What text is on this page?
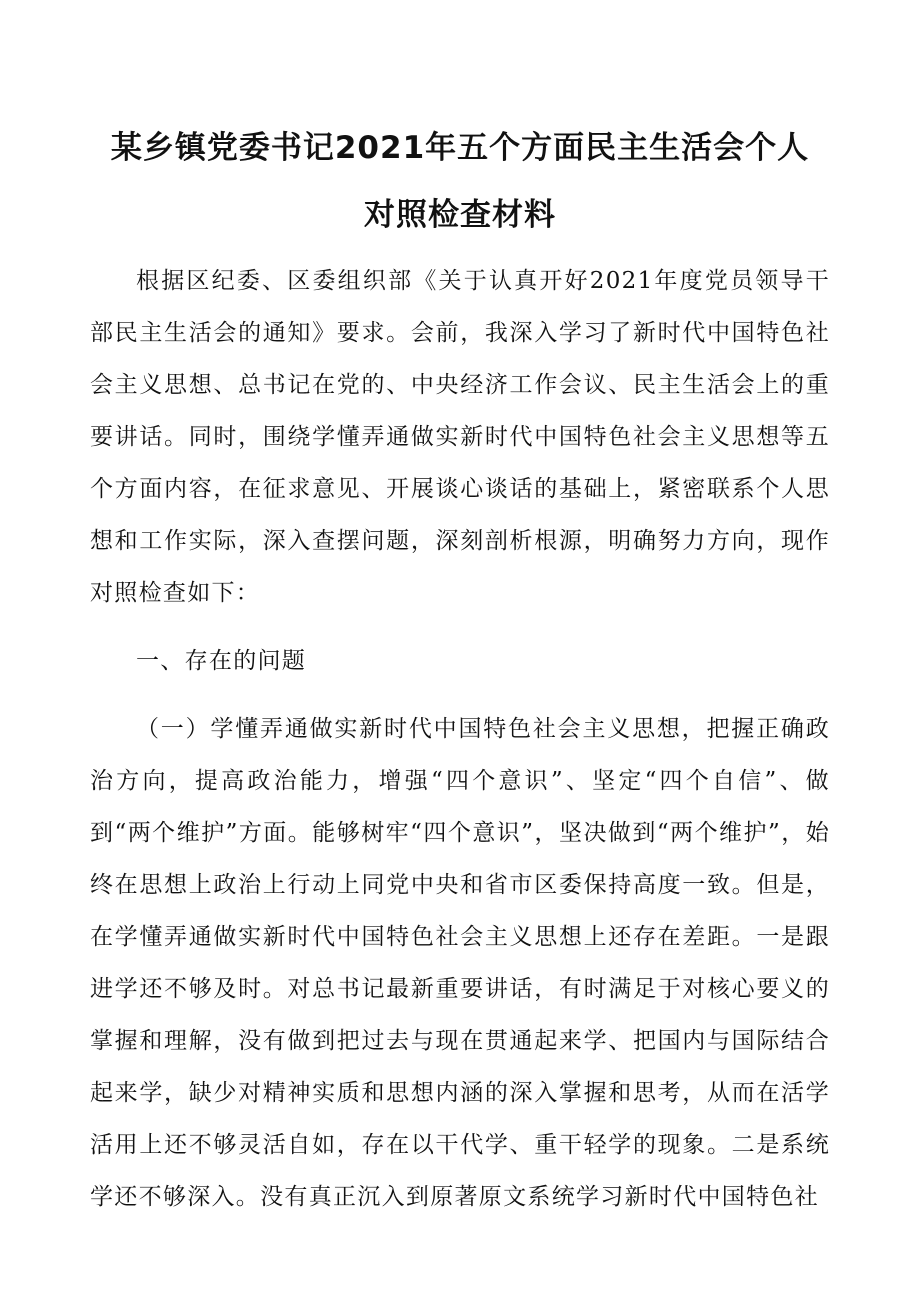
某乡镇党委书记2021年五个方面民主生活会个人
对照检查材料

根据区纪委、区委组织部《关于认真开好2021年度党员领导干部民主生活会的通知》要求。会前，我深入学习了新时代中国特色社会主义思想、总书记在党的、中央经济工作会议、民主生活会上的重要讲话。同时，围绕学懂弄通做实新时代中国特色社会主义思想等五个方面内容，在征求意见、开展谈心谈话的基础上，紧密联系个人思想和工作实际，深入查摆问题，深刻剖析根源，明确努力方向，现作对照检查如下：

一、存在的问题

（一）学懂弄通做实新时代中国特色社会主义思想，把握正确政治方向，提高政治能力，增强“四个意识”、坚定“四个自信”、做到“两个维护”方面。能够树牢“四个意识”，坚决做到“两个维护”，始终在思想上政治上行动上同党中央和省市区委保持高度一致。但是，在学懂弄通做实新时代中国特色社会主义思想上还存在差距。一是跟进学还不够及时。对总书记最新重要讲话，有时满足于对核心要义的掌握和理解，没有做到把过去与现在贯通起来学、把国内与国际结合起来学，缺少对精神实质和思想内涵的深入掌握和思考，从而在活学活用上还不够灵活自如，存在以干代学、重干轻学的现象。二是系统学还不够深入。没有真正沉入到原著原文系统学习新时代中国特色社
